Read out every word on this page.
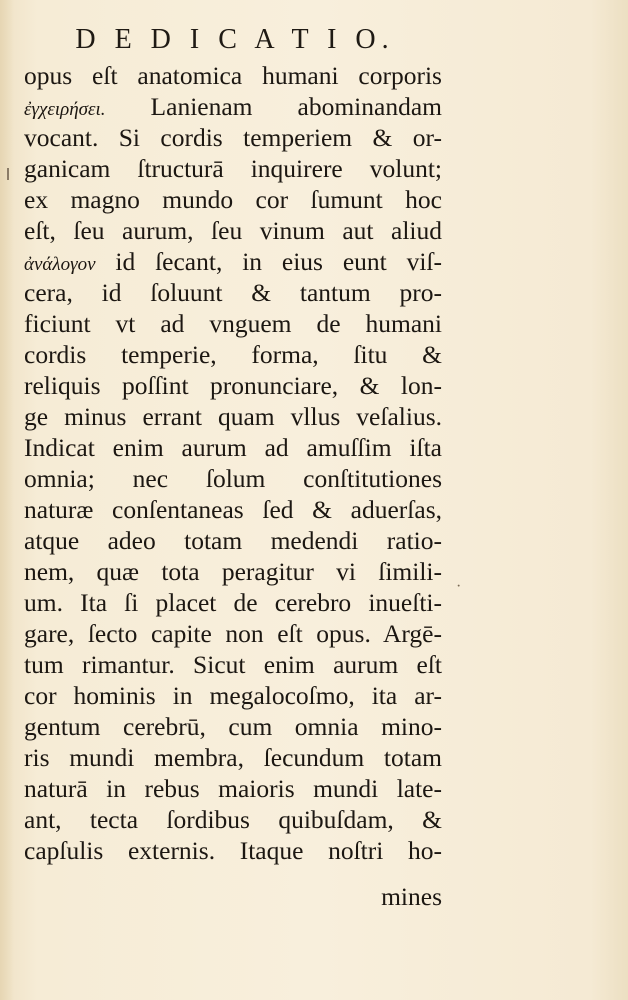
·
D E D I C A T I O.
opus eſt anatomica humani corporis
ἐγχειρήσει. Lanienam abominandam
vocant. Si cordis temperiem & or-
ganicam ſtructurā inquirere volunt;
ex magno mundo cor ſumunt hoc
eſt, ſeu aurum, ſeu vinum aut aliud
ἀνάλογον id ſecant, in eius eunt viſ-
cera, id ſoluunt & tantum pro-
ficiunt vt ad vnguem de humani
cordis temperie, forma, ſitu &
reliquis poſſint pronunciare, & lon-
ge minus errant quam vllus veſalius.
Indicat enim aurum ad amuſſim iſta
omnia; nec ſolum conſtitutiones
naturæ conſentaneas ſed & aduerſas,
atque adeo totam medendi ratio-
nem, quæ tota peragitur vi ſimili-
um. Ita ſi placet de cerebro inueſti-
gare, ſecto capite non eſt opus. Argē-
tum rimantur. Sicut enim aurum eſt
cor hominis in megalocoſmo, ita ar-
gentum cerebrū, cum omnia mino-
ris mundi membra, ſecundum totam
naturā in rebus maioris mundi late-
ant, tecta ſordibus quibuſdam, &
capſulis externis. Itaque noſtri ho-
mines
